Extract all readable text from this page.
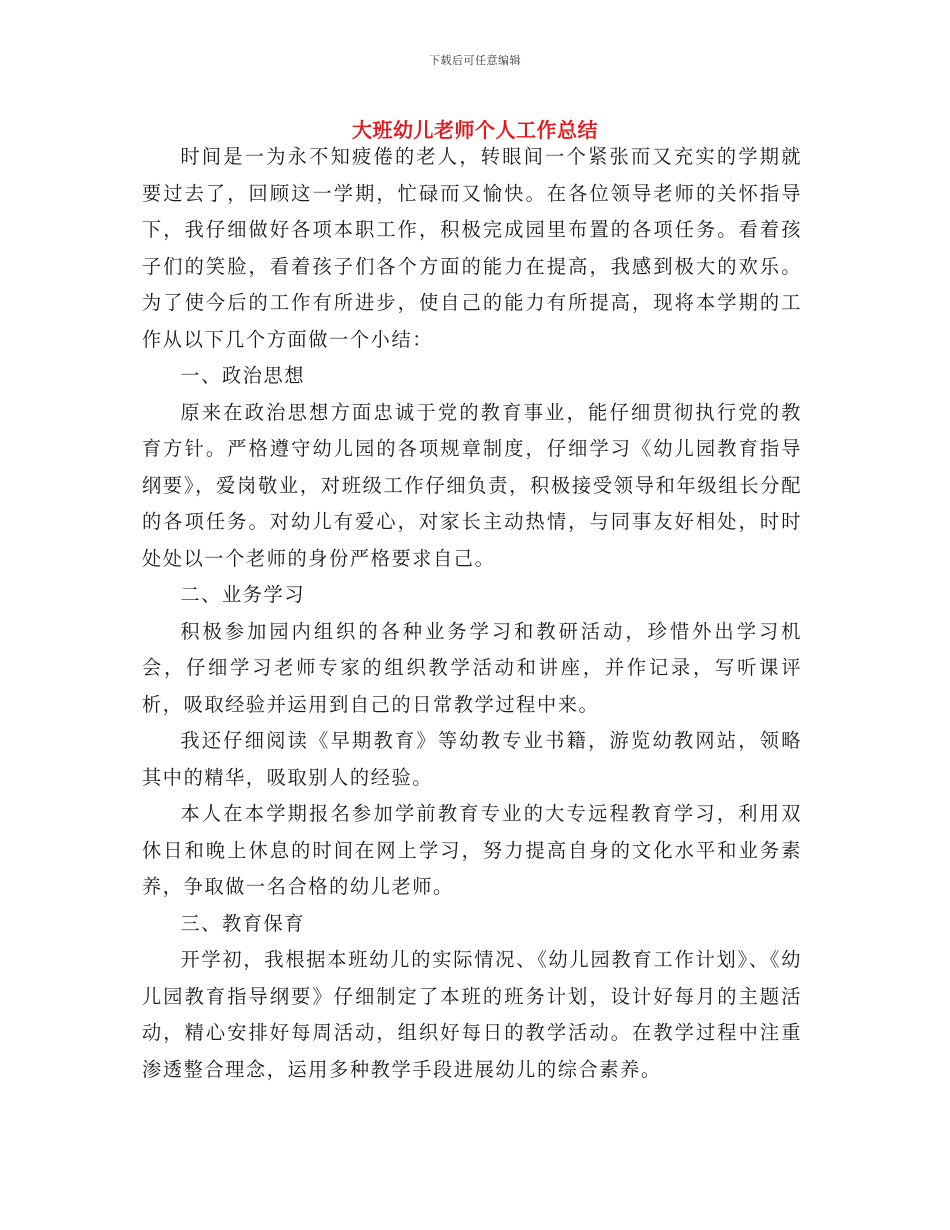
下载后可任意编辑
大班幼儿老师个人工作总结

时间是一为永不知疲倦的老人，转眼间一个紧张而又充实的学期就要过去了，回顾这一学期，忙碌而又愉快。在各位领导老师的关怀指导下，我仔细做好各项本职工作，积极完成园里布置的各项任务。看着孩子们的笑脸，看着孩子们各个方面的能力在提高，我感到极大的欢乐。为了使今后的工作有所进步，使自己的能力有所提高，现将本学期的工作从以下几个方面做一个小结：

一、政治思想

原来在政治思想方面忠诚于党的教育事业，能仔细贯彻执行党的教育方针。严格遵守幼儿园的各项规章制度，仔细学习《幼儿园教育指导纲要》，爱岗敬业，对班级工作仔细负责，积极接受领导和年级组长分配的各项任务。对幼儿有爱心，对家长主动热情，与同事友好相处，时时处处以一个老师的身份严格要求自己。

二、业务学习

积极参加园内组织的各种业务学习和教研活动，珍惜外出学习机会，仔细学习老师专家的组织教学活动和讲座，并作记录，写听课评析，吸取经验并运用到自己的日常教学过程中来。

我还仔细阅读《早期教育》等幼教专业书籍，游览幼教网站，领略其中的精华，吸取别人的经验。

本人在本学期报名参加学前教育专业的大专远程教育学习，利用双休日和晚上休息的时间在网上学习，努力提高自身的文化水平和业务素养，争取做一名合格的幼儿老师。

三、教育保育

开学初，我根据本班幼儿的实际情况、《幼儿园教育工作计划》、《幼儿园教育指导纲要》仔细制定了本班的班务计划，设计好每月的主题活动，精心安排好每周活动，组织好每日的教学活动。在教学过程中注重渗透整合理念，运用多种教学手段进展幼儿的综合素养。
